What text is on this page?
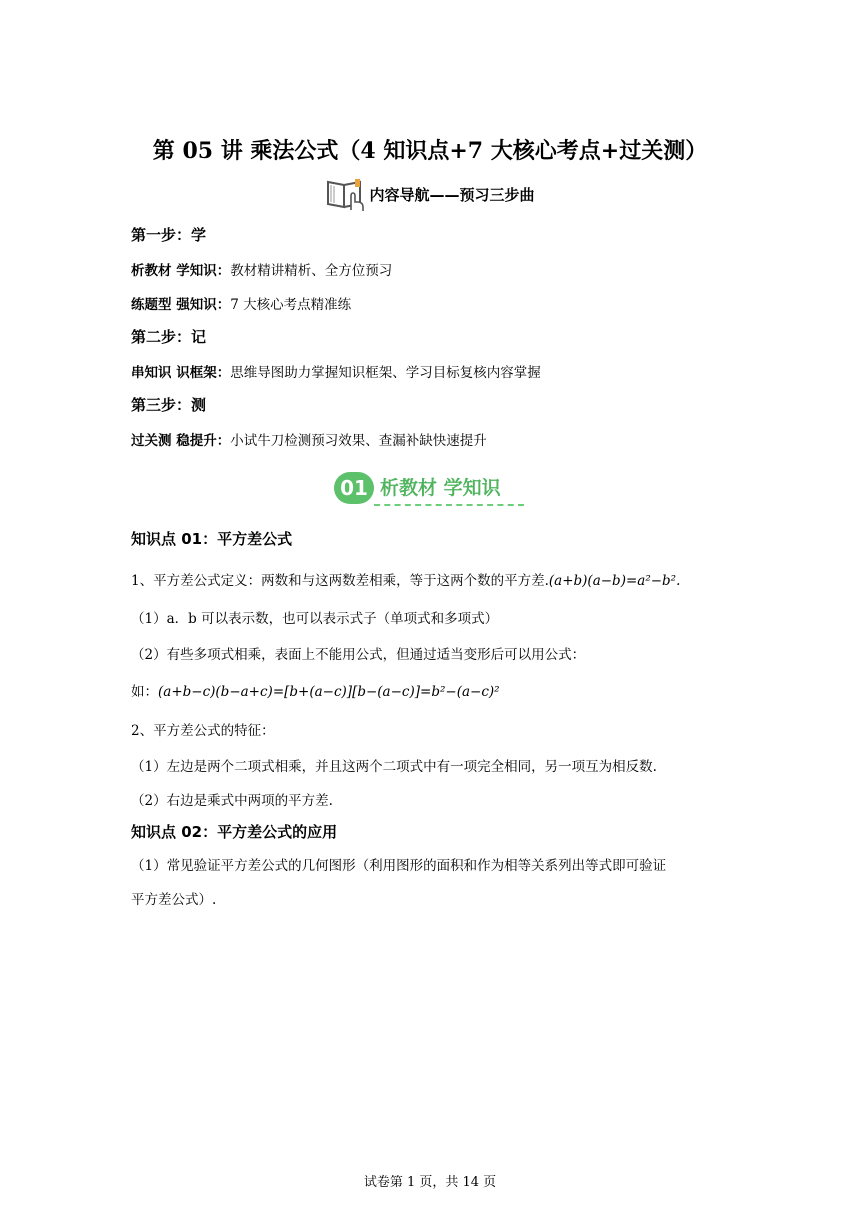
第 05 讲 乘法公式（4 知识点+7 大核心考点+过关测）
内容导航——预习三步曲
第一步：学
析教材 学知识：教材精讲精析、全方位预习
练题型 强知识：7 大核心考点精准练
第二步：记
串知识 识框架：思维导图助力掌握知识框架、学习目标复核内容掌握
第三步：测
过关测 稳提升：小试牛刀检测预习效果、查漏补缺快速提升
01 析教材 学知识
知识点 01：平方差公式
1、平方差公式定义：两数和与这两数差相乘，等于这两个数的平方差.(a+b)(a−b)=a²−b².
（1）a．b 可以表示数，也可以表示式子（单项式和多项式）
（2）有些多项式相乘，表面上不能用公式，但通过适当变形后可以用公式：
如：(a+b−c)(b−a+c)=[b+(a−c)][b−(a−c)]=b²−(a−c)²
2、平方差公式的特征：
（1）左边是两个二项式相乘，并且这两个二项式中有一项完全相同，另一项互为相反数.
（2）右边是乘式中两项的平方差.
知识点 02：平方差公式的应用
（1）常见验证平方差公式的几何图形（利用图形的面积和作为相等关系列出等式即可验证
平方差公式）.
试卷第 1 页，共 14 页
